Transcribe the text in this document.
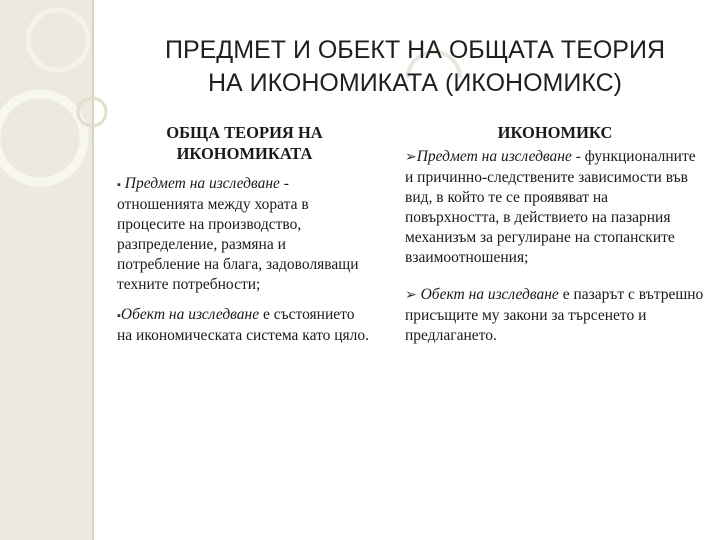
ПРЕДМЕТ И ОБЕКТ НА ОБЩАТА ТЕОРИЯ
НА ИКОНОМИКАТА (ИКОНОМИКС)
ОБЩА ТЕОРИЯ НА
ИКОНОМИКАТА
▪ Предмет на изследване - отношенията между хората в процесите на производство, разпределение, размяна и потребление на блага, задоволяващи техните потребности;
▪Обект на изследване е състоянието на икономическата система като цяло.
ИКОНОМИКС
➢Предмет на изследване - функционалните и причинно-следствените зависимости във вид, в който те се проявяват на повърхността, в действието на пазарния механизъм за регулиране на стопанските взаимоотношения;
➢ Обект на изследване е пазарът с вътрешно присъщите му закони за търсенето и предлагането.
